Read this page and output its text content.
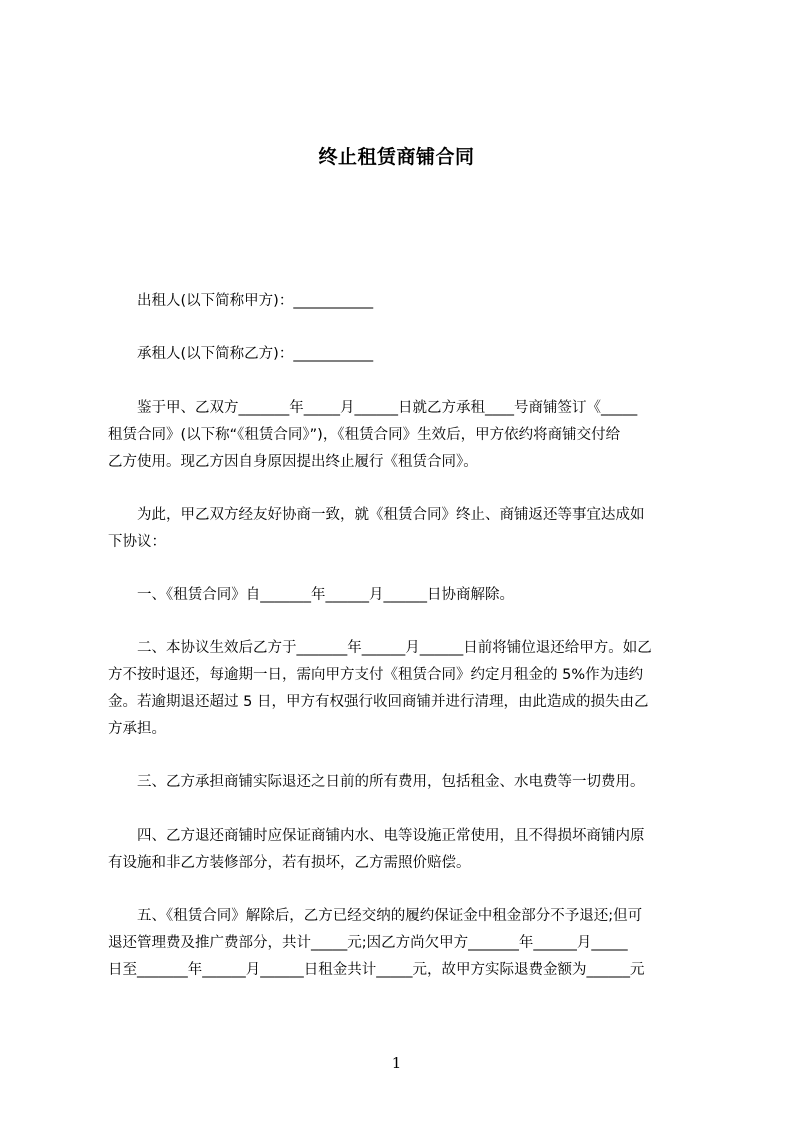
终止租赁商铺合同
出租人(以下简称甲方)：___________
承租人(以下简称乙方)：___________
鉴于甲、乙双方_______年_____月______日就乙方承租____号商铺签订《_____
租赁合同》(以下称“《租赁合同》”)，《租赁合同》生效后，甲方依约将商铺交付给
乙方使用。现乙方因自身原因提出终止履行《租赁合同》。
为此，甲乙双方经友好协商一致，就《租赁合同》终止、商铺返还等事宜达成如
下协议：
一、《租赁合同》自_______年______月______日协商解除。
二、本协议生效后乙方于_______年______月______日前将铺位退还给甲方。如乙
方不按时退还，每逾期一日，需向甲方支付《租赁合同》约定月租金的 5%作为违约
金。若逾期退还超过 5 日，甲方有权强行收回商铺并进行清理，由此造成的损失由乙
方承担。
三、乙方承担商铺实际退还之日前的所有费用，包括租金、水电费等一切费用。
四、乙方退还商铺时应保证商铺内水、电等设施正常使用，且不得损坏商铺内原
有设施和非乙方装修部分，若有损坏，乙方需照价赔偿。
五、《租赁合同》解除后，乙方已经交纳的履约保证金中租金部分不予退还;但可
退还管理费及推广费部分，共计_____元;因乙方尚欠甲方_______年______月_____
日至_______年______月______日租金共计_____元，故甲方实际退费金额为______元
1
